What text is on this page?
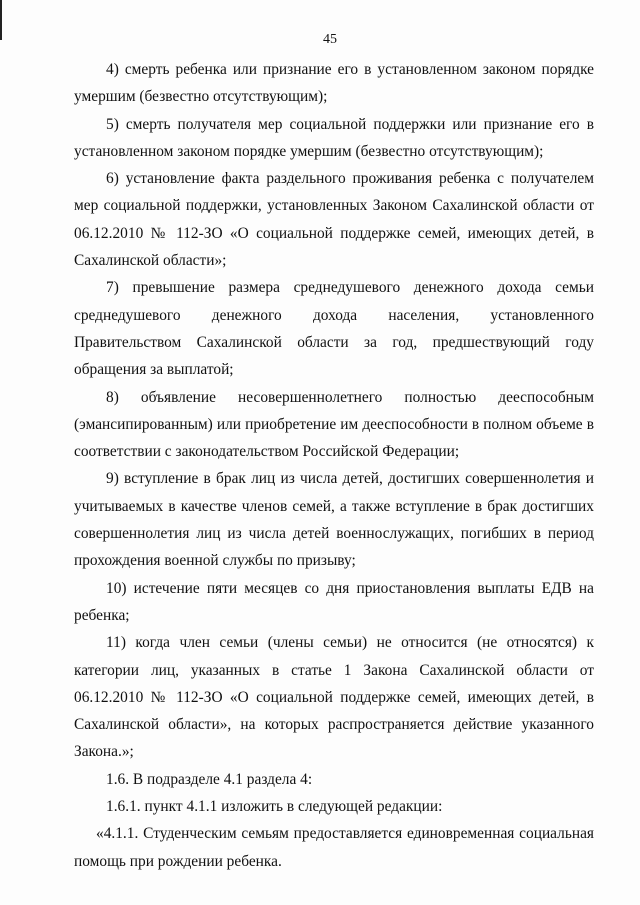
45

4) смерть ребенка или признание его в установленном законом порядке умершим (безвестно отсутствующим);

5) смерть получателя мер социальной поддержки или признание его в установленном законом порядке умершим (безвестно отсутствующим);

6) установление факта раздельного проживания ребенка с получателем мер социальной поддержки, установленных Законом Сахалинской области от 06.12.2010 № 112-ЗО «О социальной поддержке семей, имеющих детей, в Сахалинской области»;

7) превышение размера среднедушевого денежного дохода семьи среднедушевого денежного дохода населения, установленного Правительством Сахалинской области за год, предшествующий году обращения за выплатой;

8) объявление несовершеннолетнего полностью дееспособным (эмансипированным) или приобретение им дееспособности в полном объеме в соответствии с законодательством Российской Федерации;

9) вступление в брак лиц из числа детей, достигших совершеннолетия и учитываемых в качестве членов семей, а также вступление в брак достигших совершеннолетия лиц из числа детей военнослужащих, погибших в период прохождения военной службы по призыву;

10) истечение пяти месяцев со дня приостановления выплаты ЕДВ на ребенка;

11) когда член семьи (члены семьи) не относится (не относятся) к категории лиц, указанных в статье 1 Закона Сахалинской области от 06.12.2010 № 112-ЗО «О социальной поддержке семей, имеющих детей, в Сахалинской области», на которых распространяется действие указанного Закона.»;

1.6. В подразделе 4.1 раздела 4:

1.6.1. пункт 4.1.1 изложить в следующей редакции:

«4.1.1. Студенческим семьям предоставляется единовременная социальная помощь при рождении ребенка.
